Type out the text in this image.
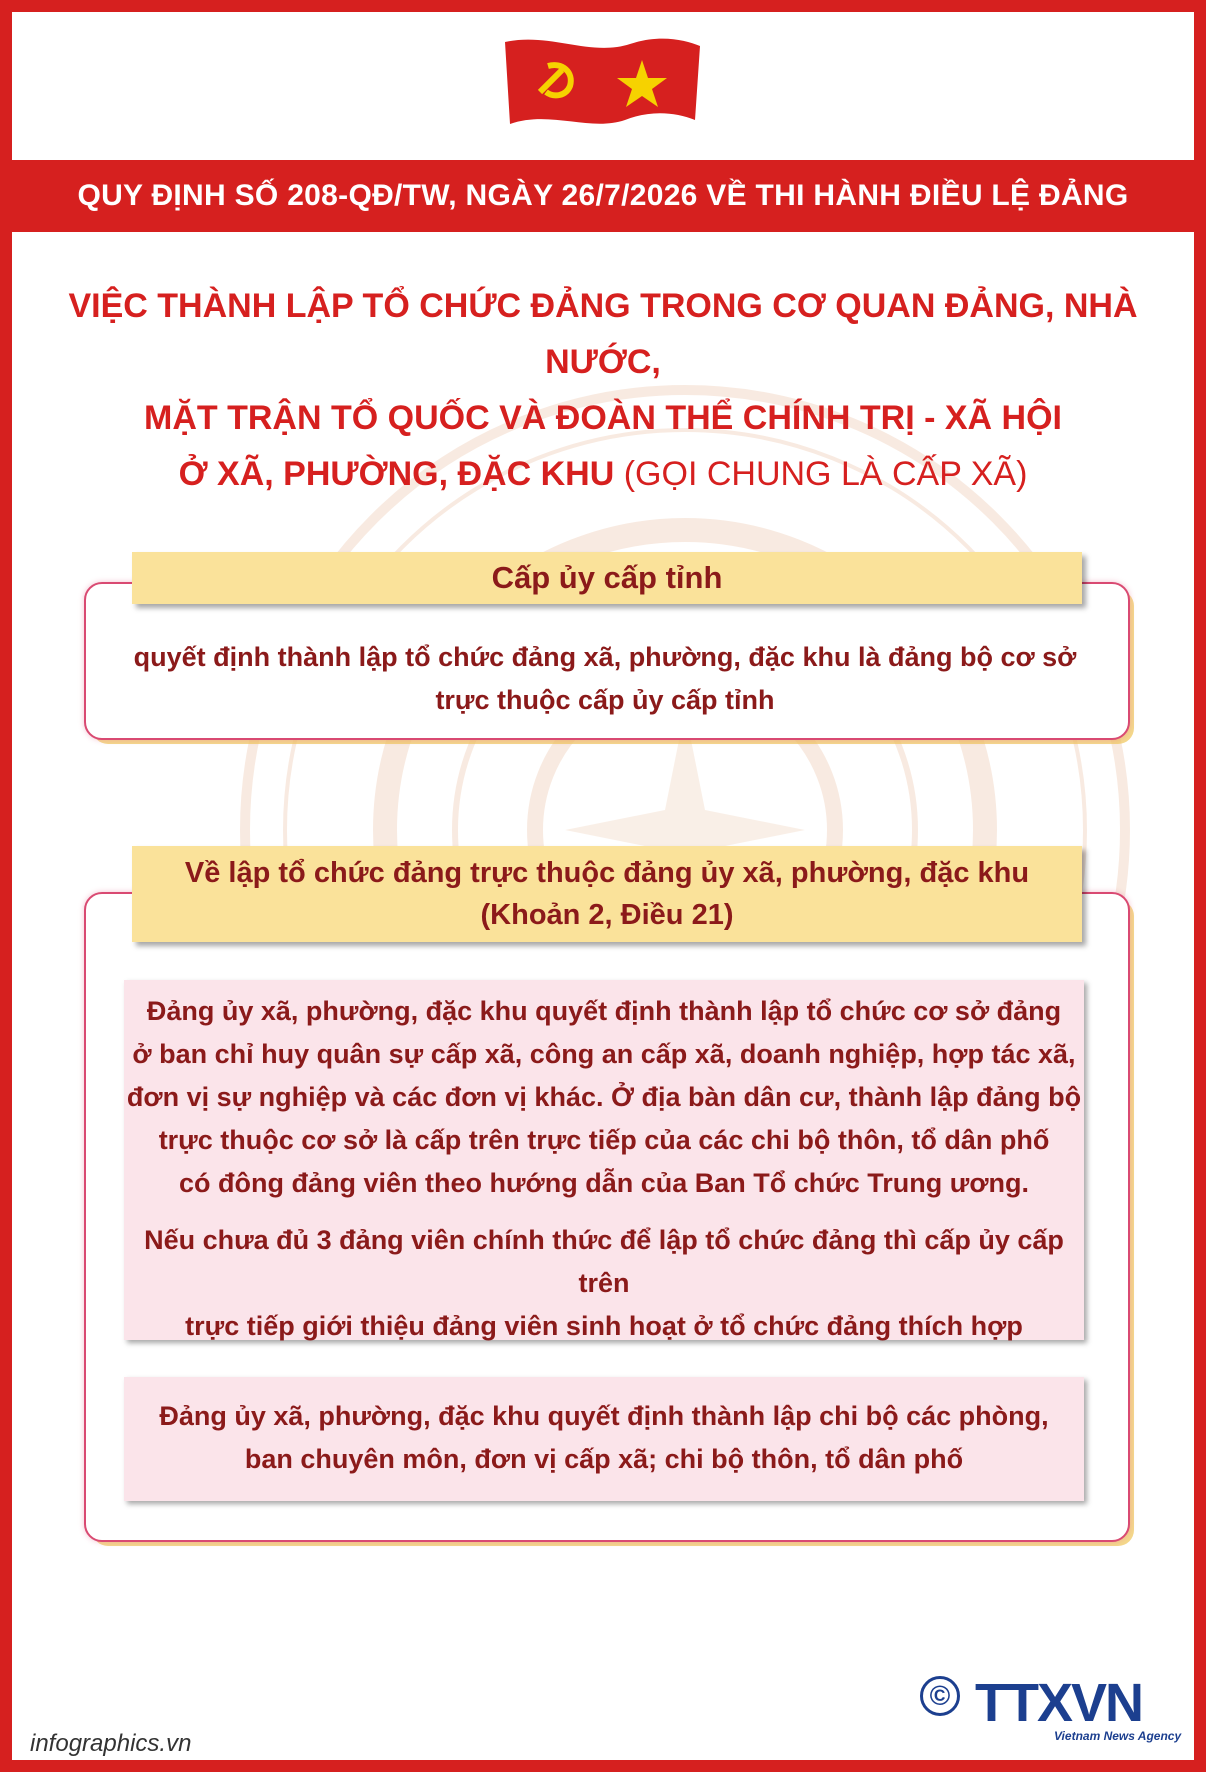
QUY ĐỊNH SỐ 208-QĐ/TW, NGÀY 26/7/2026 VỀ THI HÀNH ĐIỀU LỆ ĐẢNG
VIỆC THÀNH LẬP TỔ CHỨC ĐẢNG TRONG CƠ QUAN ĐẢNG, NHÀ NƯỚC,
MẶT TRẬN TỔ QUỐC VÀ ĐOÀN THỂ CHÍNH TRỊ - XÃ HỘI
Ở XÃ, PHƯỜNG, ĐẶC KHU (GỌI CHUNG LÀ CẤP XÃ)
Cấp ủy cấp tỉnh
quyết định thành lập tổ chức đảng xã, phường, đặc khu là đảng bộ cơ sở
trực thuộc cấp ủy cấp tỉnh
Về lập tổ chức đảng trực thuộc đảng ủy xã, phường, đặc khu
(Khoản 2, Điều 21)
Đảng ủy xã, phường, đặc khu quyết định thành lập tổ chức cơ sở đảng
ở ban chỉ huy quân sự cấp xã, công an cấp xã, doanh nghiệp, hợp tác xã,
đơn vị sự nghiệp và các đơn vị khác. Ở địa bàn dân cư, thành lập đảng bộ
trực thuộc cơ sở là cấp trên trực tiếp của các chi bộ thôn, tổ dân phố
có đông đảng viên theo hướng dẫn của Ban Tổ chức Trung ương.
Nếu chưa đủ 3 đảng viên chính thức để lập tổ chức đảng thì cấp ủy cấp trên
trực tiếp giới thiệu đảng viên sinh hoạt ở tổ chức đảng thích hợp
Đảng ủy xã, phường, đặc khu quyết định thành lập chi bộ các phòng,
ban chuyên môn, đơn vị cấp xã; chi bộ thôn, tổ dân phố
infographics.vn
© TTXVN
Vietnam News Agency
